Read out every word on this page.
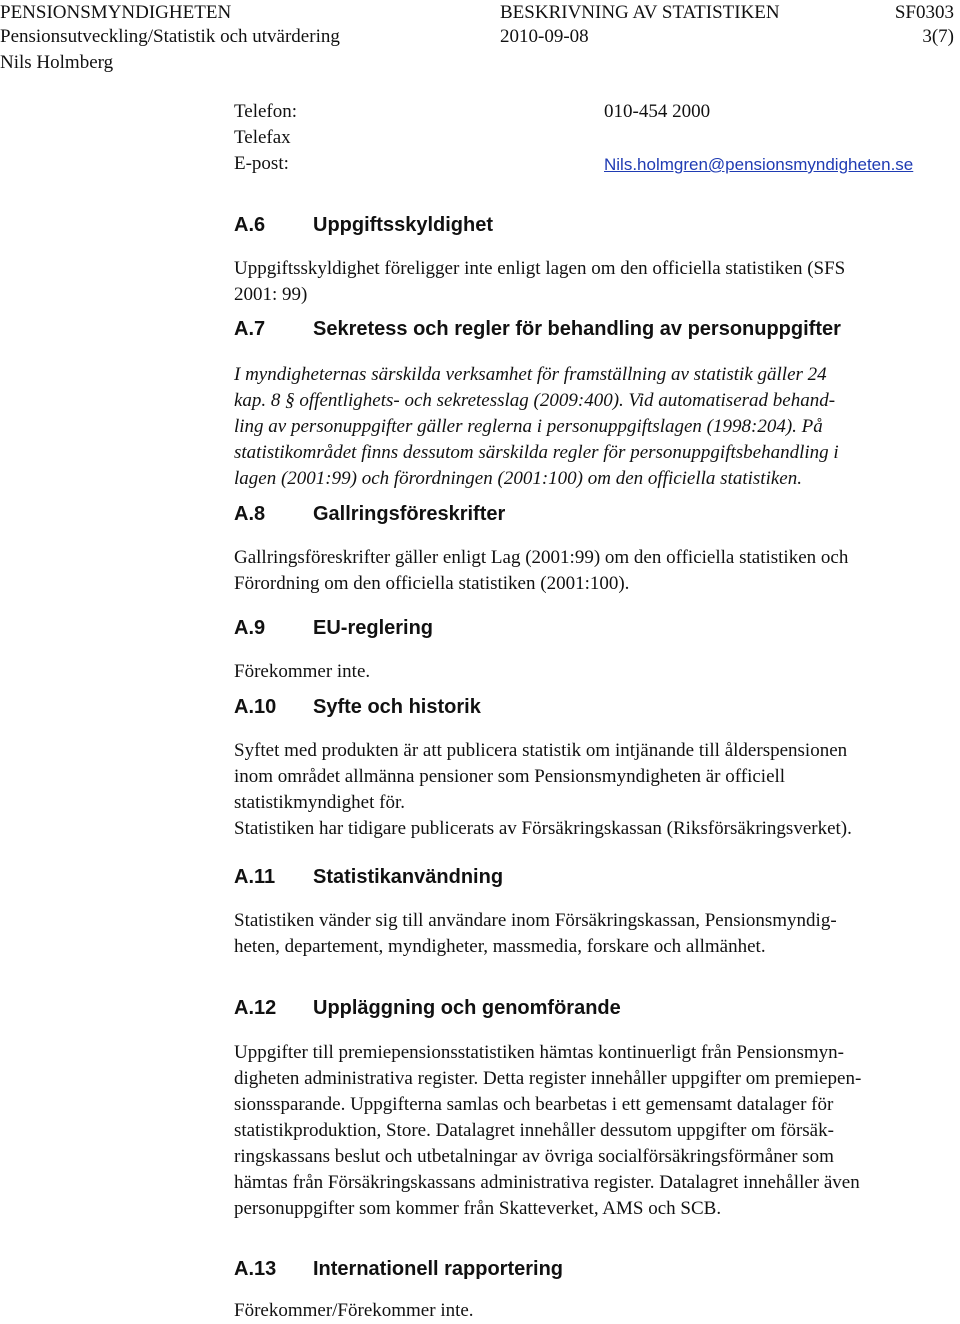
PENSIONSMYNDIGHETEN	BESKRIVNING AV STATISTIKEN	SF0303
Pensionsutveckling/Statistik och utvärdering	2010-09-08	3(7)
Nils Holmberg
Telefon:	010-454 2000
Telefax
E-post:	Nils.holmgren@pensionsmyndigheten.se
A.6 Uppgiftsskyldighet
Uppgiftsskyldighet föreligger inte enligt lagen om den officiella statistiken (SFS
2001: 99)
A.7 Sekretess och regler för behandling av personuppgifter
I myndigheternas särskilda verksamhet för framställning av statistik gäller 24
kap. 8 § offentlighets- och sekretesslag (2009:400). Vid automatiserad behand-
ling av personuppgifter gäller reglerna i personuppgiftslagen (1998:204). På
statistikområdet finns dessutom särskilda regler för personuppgiftsbehandling i
lagen (2001:99) och förordningen (2001:100) om den officiella statistiken.
A.8 Gallringsföreskrifter
Gallringsföreskrifter gäller enligt Lag (2001:99) om den officiella statistiken och
Förordning om den officiella statistiken (2001:100).
A.9 EU-reglering
Förekommer inte.
A.10 Syfte och historik
Syftet med produkten är att publicera statistik om intjänande till ålderspensionen
inom området allmänna pensioner som Pensionsmyndigheten är officiell
statistikmyndighet för.
Statistiken har tidigare publicerats av Försäkringskassan (Riksförsäkringsverket).
A.11 Statistikanvändning
Statistiken vänder sig till användare inom Försäkringskassan, Pensionsmyndig-
heten, departement, myndigheter, massmedia, forskare och allmänhet.
A.12 Uppläggning och genomförande
Uppgifter till premiepensionsstatistiken hämtas kontinuerligt från Pensionsmyn-
digheten administrativa register. Detta register innehåller uppgifter om premiepen-
sionssparande. Uppgifterna samlas och bearbetas i ett gemensamt datalager för
statistikproduktion, Store. Datalagret innehåller dessutom uppgifter om försäk-
ringskassans beslut och utbetalningar av övriga socialförsäkringsförmåner som
hämtas från Försäkringskassans administrativa register. Datalagret innehåller även
personuppgifter som kommer från Skatteverket, AMS och SCB.
A.13 Internationell rapportering
Förekommer/Förekommer inte.
